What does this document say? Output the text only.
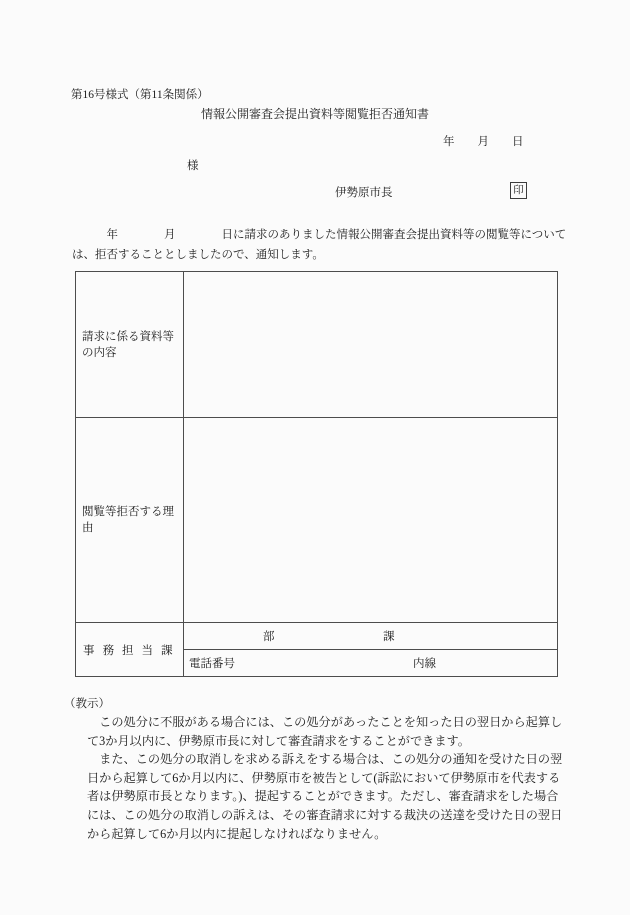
第16号様式（第11条関係）
情報公開審査会提出資料等閲覧拒否通知書
年　　月　　日
様
伊勢原市長	印
　　　年　　　　月　　　　日に請求のありました情報公開審査会提出資料等の閲覧等について
は、拒否することとしましたので、通知します。
請求に係る資料等の内容	
閲覧等拒否する理由	
事務担当課	部 課
電話番号 内線
（教示）
　この処分に不服がある場合には、この処分があったことを知った日の翌日から起算し
て3か月以内に、伊勢原市長に対して審査請求をすることができます。
　また、この処分の取消しを求める訴えをする場合は、この処分の通知を受けた日の翌
日から起算して6か月以内に、伊勢原市を被告として(訴訟において伊勢原市を代表する
者は伊勢原市長となります。)、提起することができます。ただし、審査請求をした場合
には、この処分の取消しの訴えは、その審査請求に対する裁決の送達を受けた日の翌日
から起算して6か月以内に提起しなければなりません。
